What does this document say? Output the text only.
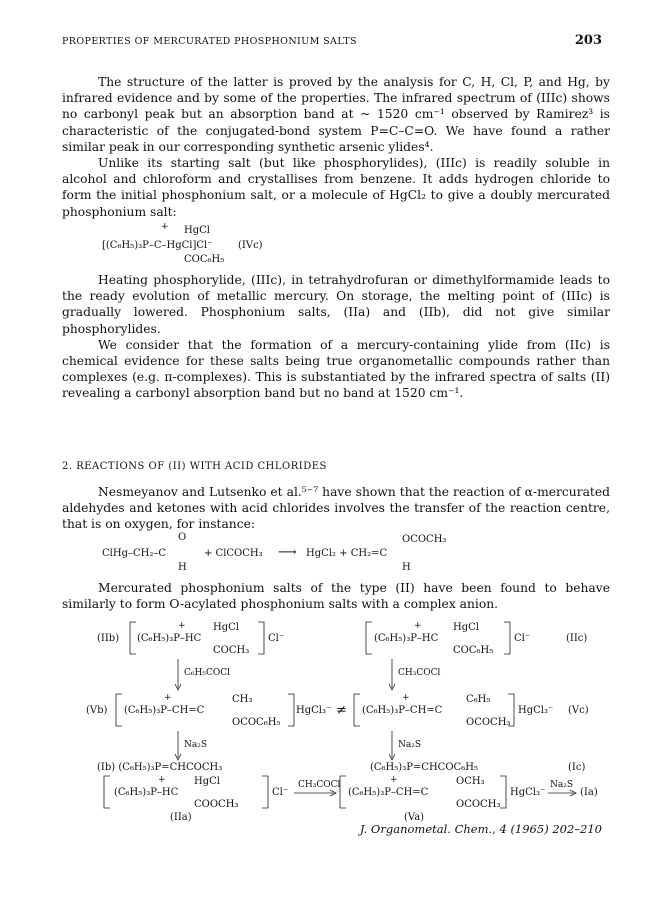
PROPERTIES OF MERCURATED PHOSPHONIUM SALTS	203

The structure of the latter is proved by the analysis for C, H, Cl, P, and Hg, by infrared evidence and by some of the properties. The infrared spectrum of (IIIc) shows no carbonyl peak but an absorption band at ~ 1520 cm⁻¹ observed by Ramirez³ is characteristic of the conjugated-bond system P=C–C=O. We have found a rather similar peak in our corresponding synthetic arsenic ylides⁴.

Unlike its starting salt (but like phosphorylides), (IIIc) is readily soluble in alcohol and chloroform and crystallises from benzene. It adds hydrogen chloride to form the initial phosphonium salt, or a molecule of HgCl₂ to give a doubly mercurated phosphonium salt:

+ HgCl
[(C₆H₅)₃P–C–HgCl]Cl⁻	(IVc)
COC₆H₅

Heating phosphorylide, (IIIc), in tetrahydrofuran or dimethylformamide leads to the ready evolution of metallic mercury. On storage, the melting point of (IIIc) is gradually lowered. Phosphonium salts, (IIa) and (IIb), did not give similar phosphorylides.

We consider that the formation of a mercury-containing ylide from (IIc) is chemical evidence for these salts being true organometallic compounds rather than complexes (e.g. π-complexes). This is substantiated by the infrared spectra of salts (II) revealing a carbonyl absorption band but no band at 1520 cm⁻¹.

2. REACTIONS OF (II) WITH ACID CHLORIDES

Nesmeyanov and Lutsenko et al.⁵⁻⁷ have shown that the reaction of α-mercurated aldehydes and ketones with acid chlorides involves the transfer of the reaction centre, that is on oxygen, for instance:

O
ClHg–CH₂–C
H
+ ClCOCH₃ ⟶ HgCl₂ + CH₂=C
OCOCH₃
H

Mercurated phosphonium salts of the type (II) have been found to behave similarly to form O-acylated phosphonium salts with a complex anion.

(IIb)
+	HgCl
(C₆H₅)₃P–HC
COCH₃
Cl⁻
+	HgCl
(C₆H₅)₃P–HC
COC₆H₅
Cl⁻	(IIc)
C₆H₅COCl	CH₃COCl
(Vb)
+	CH₃
(C₆H₅)₃P–CH=C
OCOC₆H₅
HgCl₃⁻ ≠
+	C₆H₅
(C₆H₅)₃P–CH=C
OCOCH₃
HgCl₃⁻ (Vc)
Na₂S	Na₂S
(Ib) (C₆H₅)₃P=CHCOCH₃	(C₆H₅)₃P=CHCOC₆H₅	(Ic)
+	HgCl
(C₆H₅)₃P–HC
COOCH₃
Cl⁻
(IIa)
CH₃COCl	+	OCH₃
(C₆H₅)₃P–CH=C
OCOCH₃
HgCl₃⁻
(Va)
Na₂S
(Ia)
J. Organometal. Chem., 4 (1965) 202–210
